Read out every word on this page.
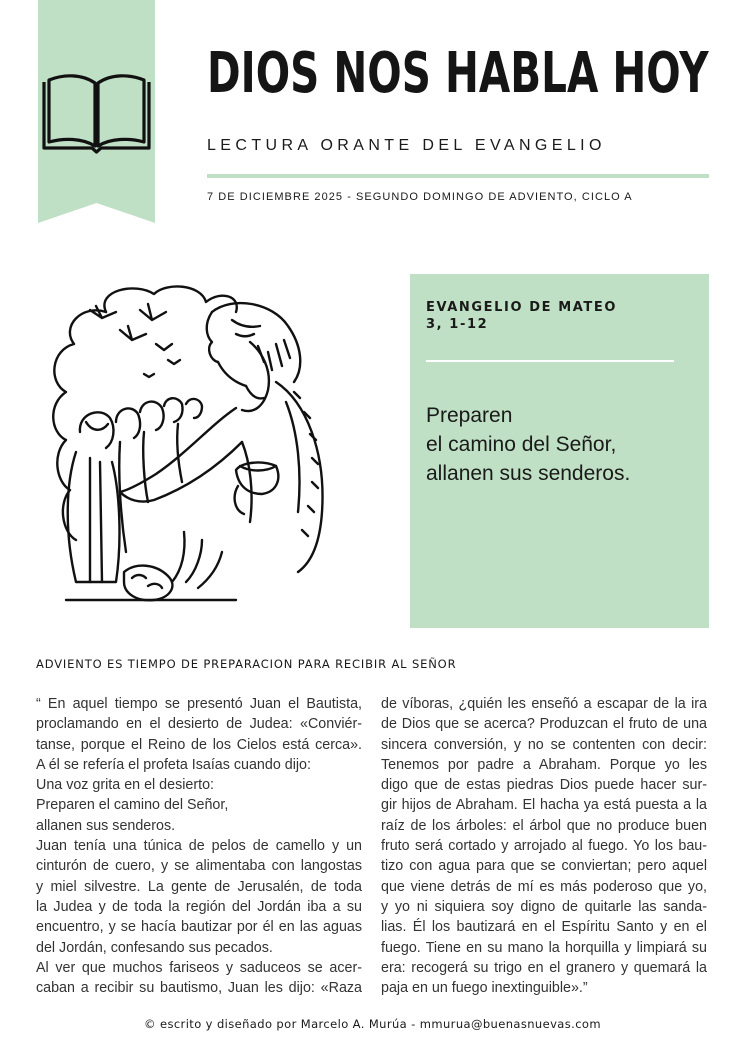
DIOS NOS HABLA HOY
LECTURA ORANTE DEL EVANGELIO
7 DE DICIEMBRE 2025 - SEGUNDO DOMINGO DE ADVIENTO, CICLO A
EVANGELIO DE MATEO
3, 1-12
Preparen
el camino del Señor,
allanen sus senderos.
ADVIENTO ES TIEMPO DE PREPARACION PARA RECIBIR AL SEÑOR
“ En aquel tiempo se presentó Juan el Bautista,
proclamando en el desierto de Judea: «Conviér-
tanse, porque el Reino de los Cielos está cerca».
A él se refería el profeta Isaías cuando dijo:
Una voz grita en el desierto:
Preparen el camino del Señor,
allanen sus senderos.
Juan tenía una túnica de pelos de camello y un
cinturón de cuero, y se alimentaba con langostas
y miel silvestre. La gente de Jerusalén, de toda
la Judea y de toda la región del Jordán iba a su
encuentro, y se hacía bautizar por él en las aguas
del Jordán, confesando sus pecados.
Al ver que muchos fariseos y saduceos se acer-
caban a recibir su bautismo, Juan les dijo: «Raza
de víboras, ¿quién les enseñó a escapar de la ira
de Dios que se acerca? Produzcan el fruto de una
sincera conversión, y no se contenten con decir:
Tenemos por padre a Abraham. Porque yo les
digo que de estas piedras Dios puede hacer sur-
gir hijos de Abraham. El hacha ya está puesta a la
raíz de los árboles: el árbol que no produce buen
fruto será cortado y arrojado al fuego. Yo los bau-
tizo con agua para que se conviertan; pero aquel
que viene detrás de mí es más poderoso que yo,
y yo ni siquiera soy digno de quitarle las sanda-
lias. Él los bautizará en el Espíritu Santo y en el
fuego. Tiene en su mano la horquilla y limpiará su
era: recogerá su trigo en el granero y quemará la
paja en un fuego inextinguible».”
© escrito y diseñado por Marcelo A. Murúa - mmurua@buenasnuevas.com
